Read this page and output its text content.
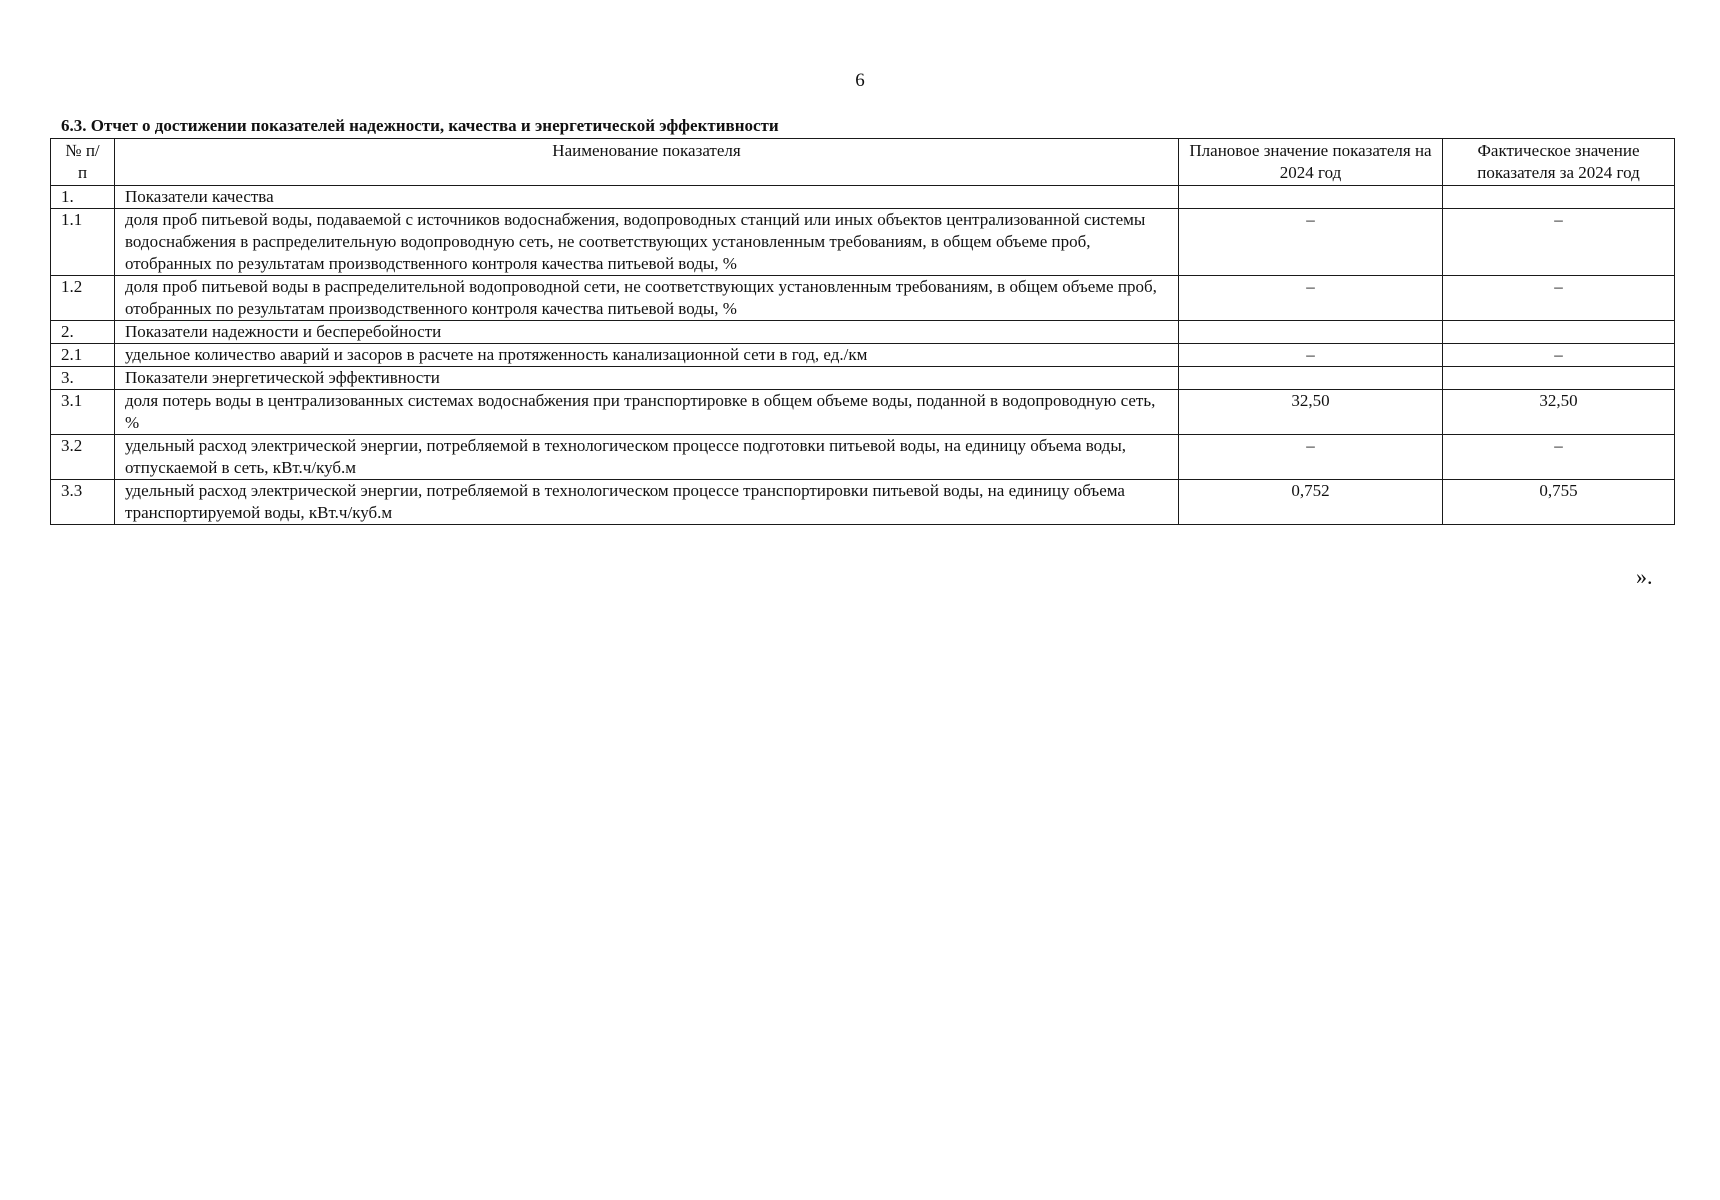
6
6.3. Отчет о достижении показателей надежности, качества и энергетической эффективности
№ п/п	Наименование показателя	Плановое значение показателя на 2024 год	Фактическое значение показателя за 2024 год
1.	Показатели качества		
1.1	доля проб питьевой воды, подаваемой с источников водоснабжения, водопроводных станций или иных объектов централизованной системы водоснабжения в распределительную водопроводную сеть, не соответствующих установленным требованиям, в общем объеме проб, отобранных по результатам производственного контроля качества питьевой воды, %	–	–
1.2	доля проб питьевой воды в распределительной водопроводной сети, не соответствующих установленным требованиям, в общем объеме проб, отобранных по результатам производственного контроля качества питьевой воды, %	–	–
2.	Показатели надежности и бесперебойности		
2.1	удельное количество аварий и засоров в расчете на протяженность канализационной сети в год, ед./км	–	–
3.	Показатели энергетической эффективности		
3.1	доля потерь воды в централизованных системах водоснабжения при транспортировке в общем объеме воды, поданной в водопроводную сеть, %	32,50	32,50
3.2	удельный расход электрической энергии, потребляемой в технологическом процессе подготовки питьевой воды, на единицу объема воды, отпускаемой в сеть, кВт.ч/куб.м	–	–
3.3	удельный расход электрической энергии, потребляемой в технологическом процессе транспортировки питьевой воды, на единицу объема транспортируемой воды, кВт.ч/куб.м	0,752	0,755
».
